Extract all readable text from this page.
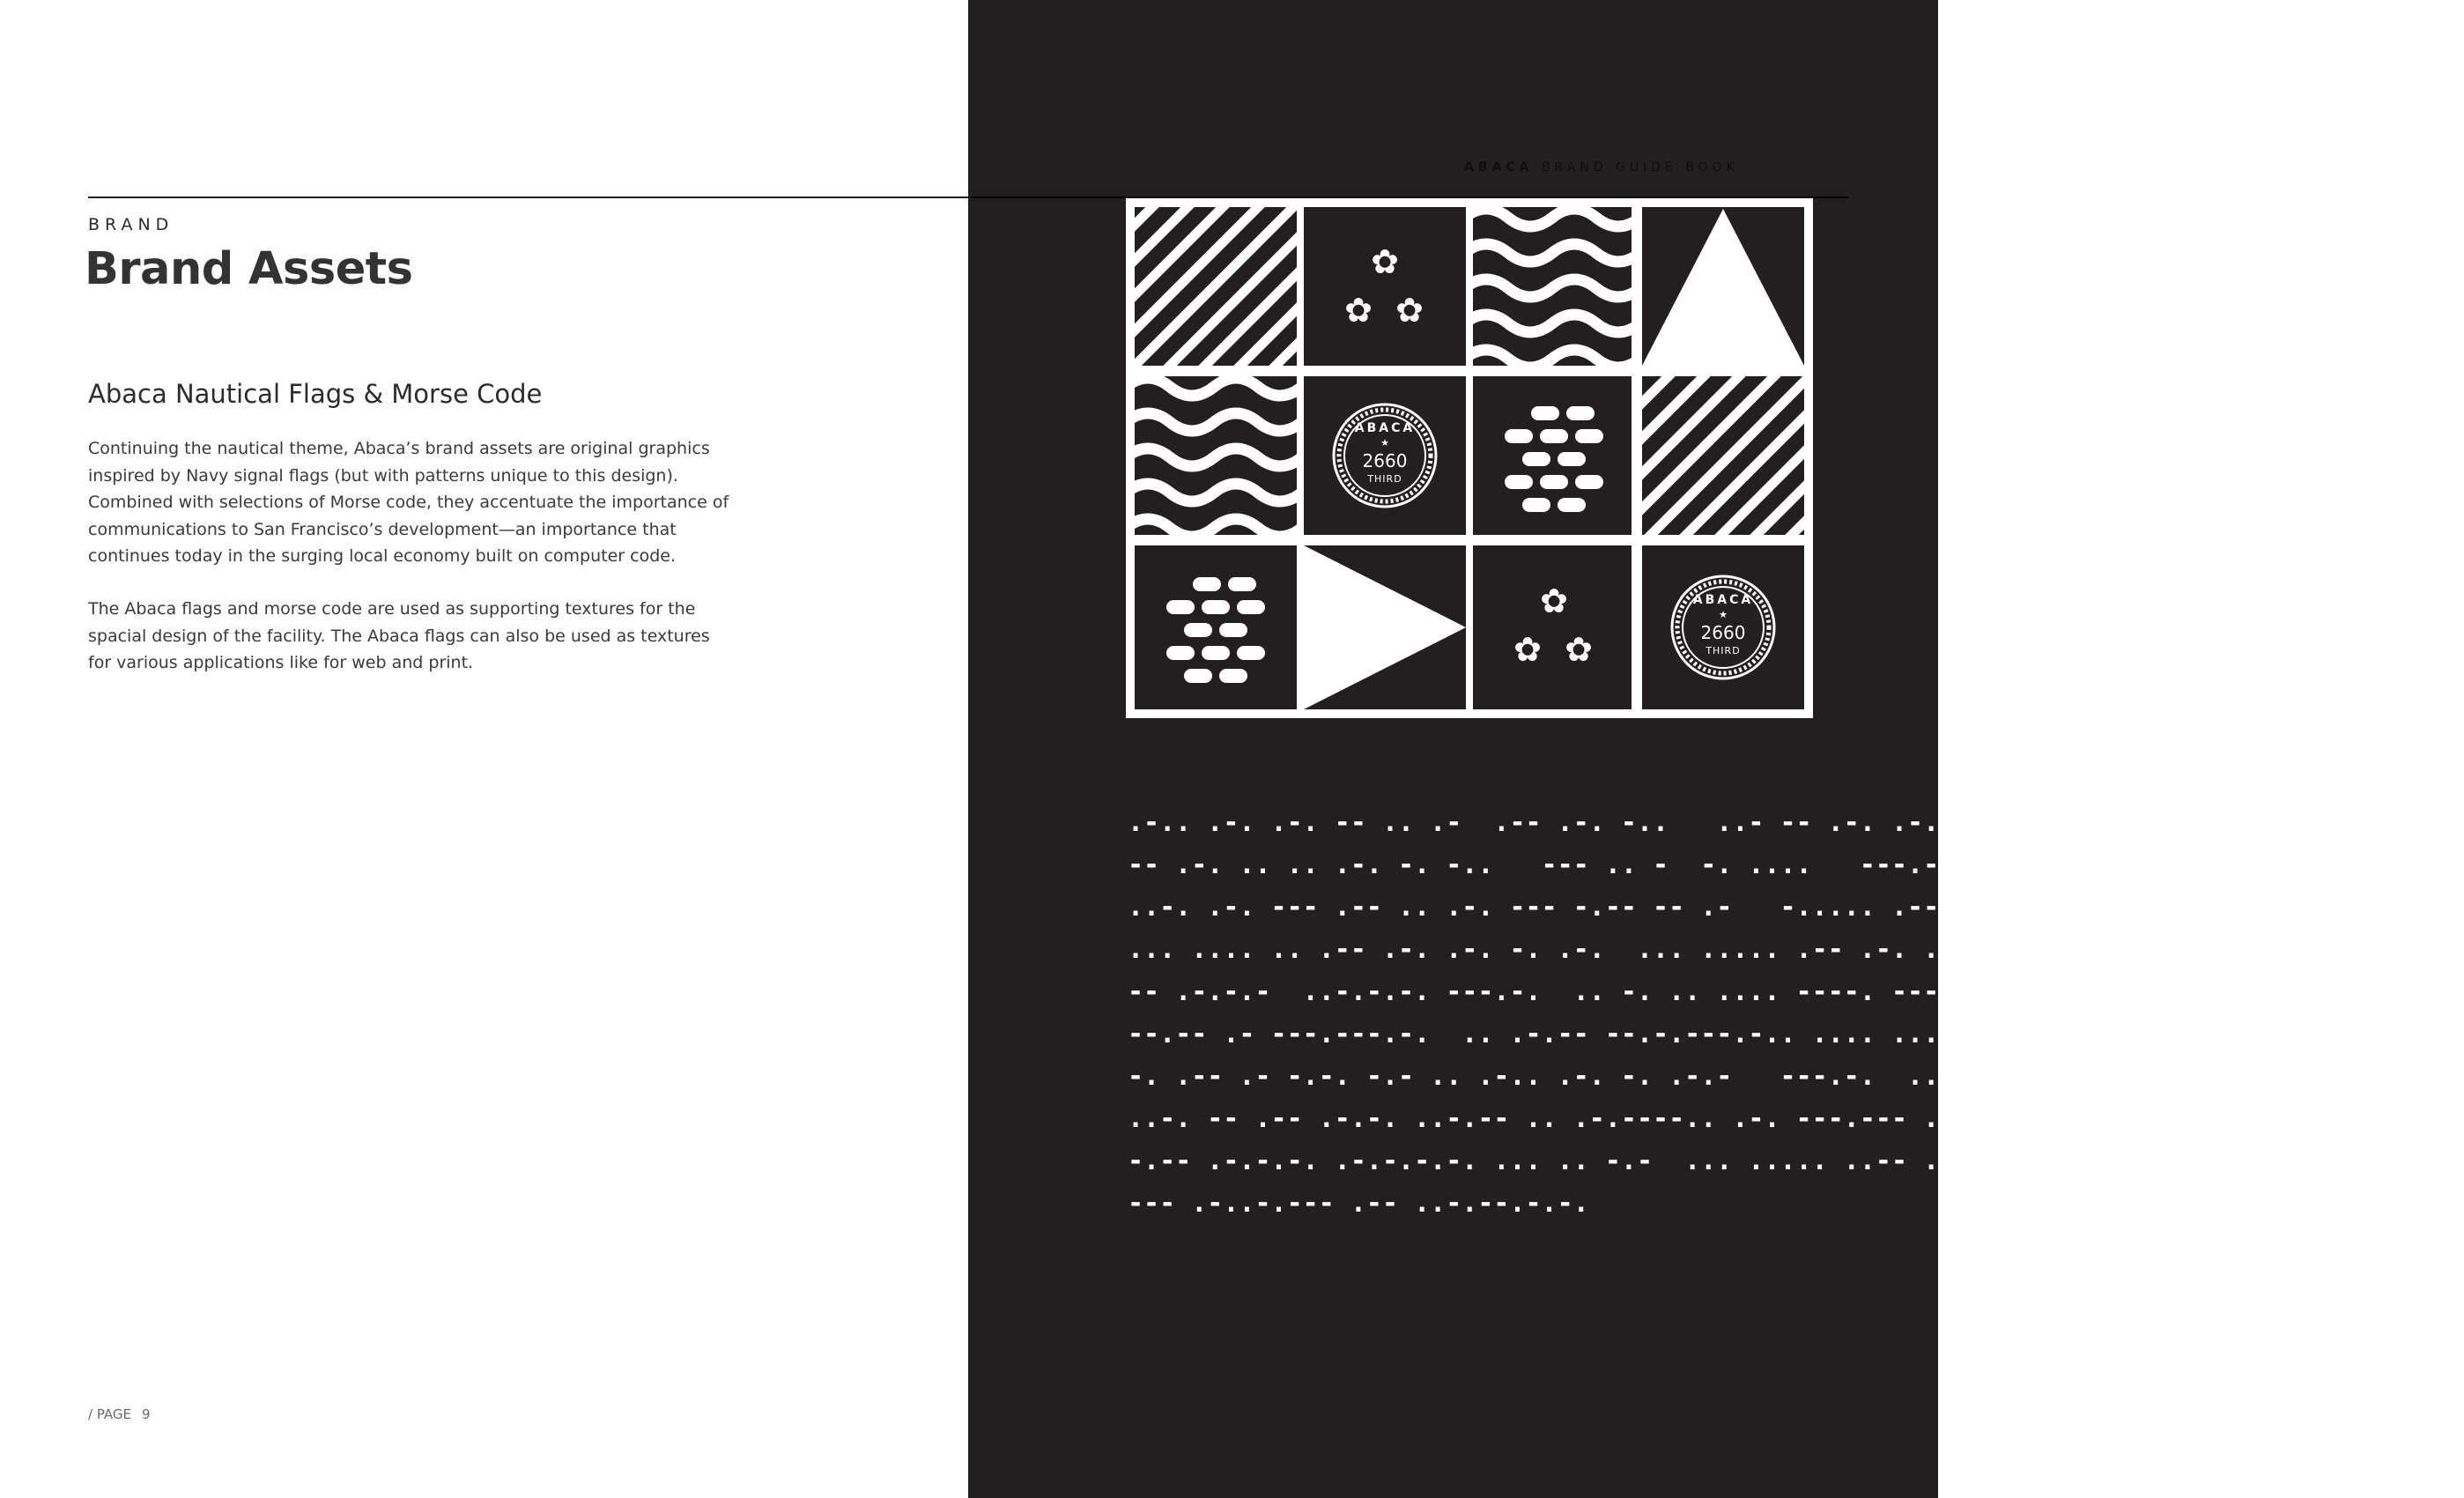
ABACA BRAND GUIDE BOOK
BRAND
Brand Assets
Abaca Nautical Flags & Morse Code

Continuing the nautical theme, Abaca’s brand assets are original graphics inspired by Navy signal flags (but with patterns unique to this design). Combined with selections of Morse code, they accentuate the importance of communications to San Francisco’s development—an importance that continues today in the surging local economy built on computer code.

The Abaca flags and morse code are used as supporting textures for the spacial design of the facility. The Abaca flags can also be used as textures for various applications like for web and print.

/ PAGE 9
✿
✿ ✿
ABACA
★
2660
THIRD
✿
✿ ✿
ABACA
★
2660
THIRD
.-.. .-. .-. -- .. .-  .-- .-. -..   ..- -- .-. .-. .- .. .-  .-- .-. .. -. ..
-- .-. .. .. .-. -. -..   --- .. -  -. ....   ---.-- .-. .. -. -..   .-- .-. .-. .-.
..-. .-. --- .-- .. .-. --- -.-- -- .-   -..... .--.-. -. .-.   --- ..-. -
... .... .. .-- .-. .-. -. .-.  ... ..... .-- .-. .-. ... .... .. .-- .--  ..
-- .-.-.-  ..-.-.-. ---.-.  .. -. .. .... ----. --- .  .-.-.-.. .-..
--.-- .- ---.---.-.  .. .-.-- --.-.---.-.. .... .... ..---.-
-. .-- .- -.-. -.- .. .-.. .-. -. .-.-   ---.-.  .. -.---.--  .-.-..
..-. -- .-- .-.-. ..-.-- .. .-.----.. .-. ---.--- .. -.--.-
-.-- .-.-.-. .-.-.-.-. ... .. -.-  ... ..... ..-- .--.--  .. -. -....
--- .-..-.--- .-- ..-.--.-.-.
